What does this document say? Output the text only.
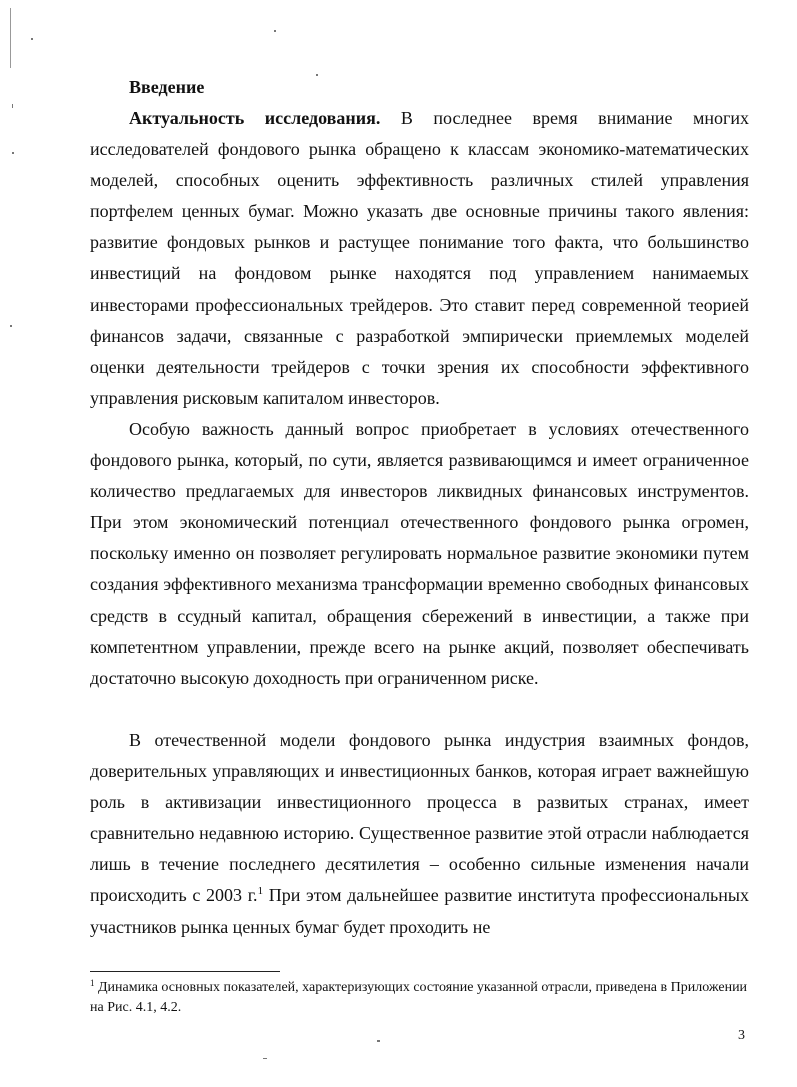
Введение

Актуальность исследования. В последнее время внимание многих исследователей фондового рынка обращено к классам экономико-математических моделей, способных оценить эффективность различных стилей управления портфелем ценных бумаг. Можно указать две основные причины такого явления: развитие фондовых рынков и растущее понимание того факта, что большинство инвестиций на фондовом рынке находятся под управлением нанимаемых инвесторами профессиональных трейдеров. Это ставит перед современной теорией финансов задачи, связанные с разработкой эмпирически приемлемых моделей оценки деятельности трейдеров с точки зрения их способности эффективного управления рисковым капиталом инвесторов.

Особую важность данный вопрос приобретает в условиях отечественного фондового рынка, который, по сути, является развивающимся и имеет ограниченное количество предлагаемых для инвесторов ликвидных финансовых инструментов. При этом экономический потенциал отечественного фондового рынка огромен, поскольку именно он позволяет регулировать нормальное развитие экономики путем создания эффективного механизма трансформации временно свободных финансовых средств в ссудный капитал, обращения сбережений в инвестиции, а также при компетентном управлении, прежде всего на рынке акций, позволяет обеспечивать достаточно высокую доходность при ограниченном риске.

В отечественной модели фондового рынка индустрия взаимных фондов, доверительных управляющих и инвестиционных банков, которая играет важнейшую роль в активизации инвестиционного процесса в развитых странах, имеет сравнительно недавнюю историю. Существенное развитие этой отрасли наблюдается лишь в течение последнего десятилетия – особенно сильные изменения начали происходить с 2003 г.$^1$ При этом дальнейшее развитие института профессиональных участников рынка ценных бумаг будет проходить не

$^1$ Динамика основных показателей, характеризующих состояние указанной отрасли, приведена в Приложении на Рис. 4.1, 4.2.

3
